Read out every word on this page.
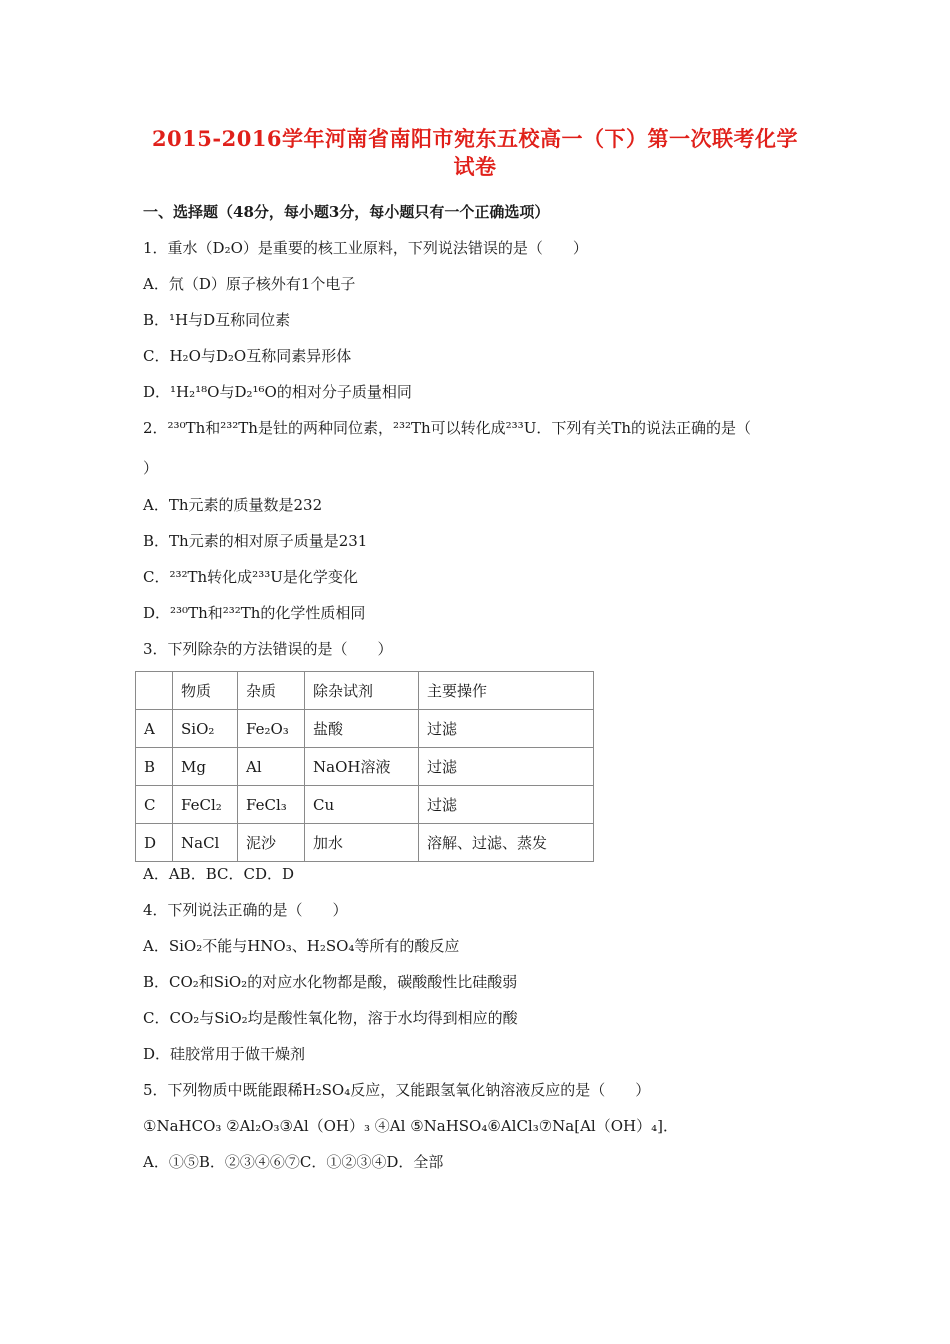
2015-2016学年河南省南阳市宛东五校高一（下）第一次联考化学
试卷
一、选择题（48分，每小题3分，每小题只有一个正确选项）
1．重水（D₂O）是重要的核工业原料，下列说法错误的是（　　）
A．氘（D）原子核外有1个电子
B．¹H与D互称同位素
C．H₂O与D₂O互称同素异形体
D．¹H₂¹⁸O与D₂¹⁶O的相对分子质量相同
2．²³⁰Th和²³²Th是钍的两种同位素，²³²Th可以转化成²³³U．下列有关Th的说法正确的是（
）
A．Th元素的质量数是232
B．Th元素的相对原子质量是231
C．²³²Th转化成²³³U是化学变化
D．²³⁰Th和²³²Th的化学性质相同
3．下列除杂的方法错误的是（　　）
	物质	杂质	除杂试剂	主要操作
A	SiO₂	Fe₂O₃	盐酸	过滤
B	Mg	Al	NaOH溶液	过滤
C	FeCl₂	FeCl₃	Cu	过滤
D	NaCl	泥沙	加水	溶解、过滤、蒸发
A．AB．BC．CD．D
4．下列说法正确的是（　　）
A．SiO₂不能与HNO₃、H₂SO₄等所有的酸反应
B．CO₂和SiO₂的对应水化物都是酸，碳酸酸性比硅酸弱
C．CO₂与SiO₂均是酸性氧化物，溶于水均得到相应的酸
D．硅胶常用于做干燥剂
5．下列物质中既能跟稀H₂SO₄反应，又能跟氢氧化钠溶液反应的是（　　）
①NaHCO₃ ②Al₂O₃③Al（OH）₃ ④Al ⑤NaHSO₄⑥AlCl₃⑦Na[Al（OH）₄]．
A．①⑤B．②③④⑥⑦C．①②③④D．全部
